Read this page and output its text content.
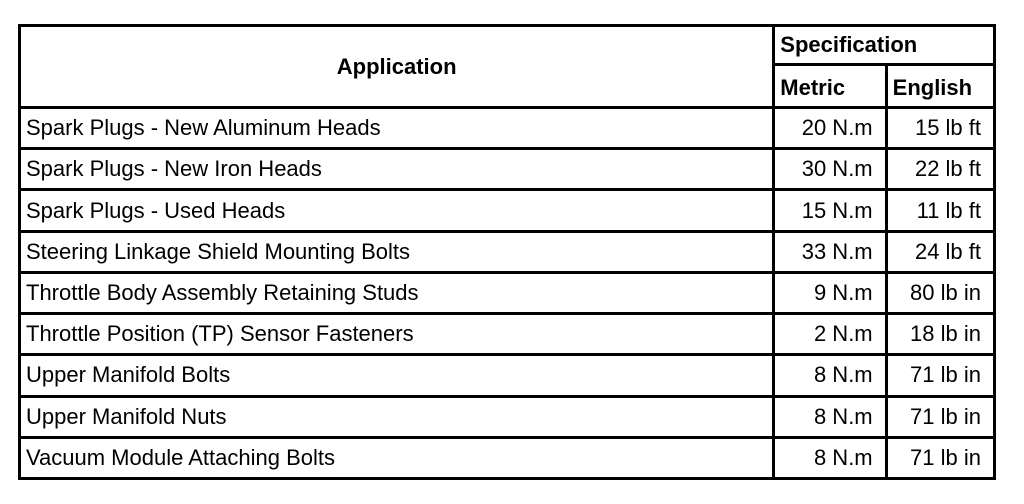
Application	Specification	
	Metric	English
Spark Plugs - New Aluminum Heads	20 N.m	15 lb ft
Spark Plugs - New Iron Heads	30 N.m	22 lb ft
Spark Plugs - Used Heads	15 N.m	11 lb ft
Steering Linkage Shield Mounting Bolts	33 N.m	24 lb ft
Throttle Body Assembly Retaining Studs	9 N.m	80 lb in
Throttle Position (TP) Sensor Fasteners	2 N.m	18 lb in
Upper Manifold Bolts	8 N.m	71 lb in
Upper Manifold Nuts	8 N.m	71 lb in
Vacuum Module Attaching Bolts	8 N.m	71 lb in
